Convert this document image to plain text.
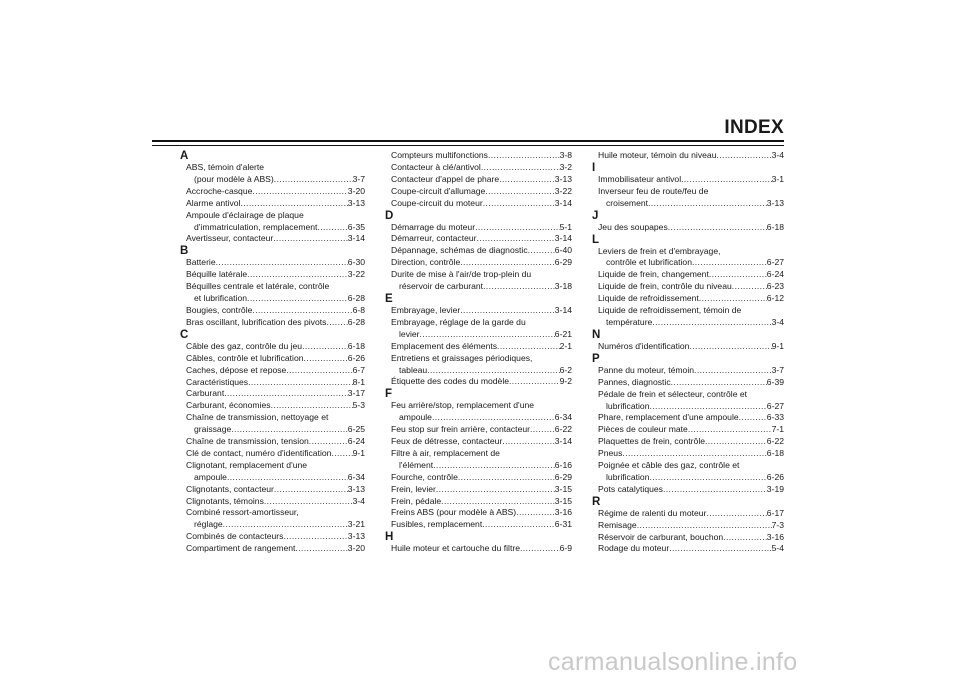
INDEX
A
ABS, témoin d'alerte
(pour modèle à ABS) .....	3-7
Accroche-casque .....	3-20
Alarme antivol .....	3-13
Ampoule d'éclairage de plaque
d'immatriculation, remplacement .....	6-35
Avertisseur, contacteur .....	3-14
B
Batterie .....	6-30
Béquille latérale .....	3-22
Béquilles centrale et latérale, contrôle
et lubrification .....	6-28
Bougies, contrôle .....	6-8
Bras oscillant, lubrification des pivots ..... 6-28
C
Câble des gaz, contrôle du jeu .....	6-18
Câbles, contrôle et lubrification .....	6-26
Caches, dépose et repose .....	6-7
Caractéristiques .....	8-1
Carburant .....	3-17
Carburant, économies .....	5-3
Chaîne de transmission, nettoyage et
graissage .....	6-25
Chaîne de transmission, tension .....	6-24
Clé de contact, numéro d'identification ..... 9-1
Clignotant, remplacement d'une
ampoule .....	6-34
Clignotants, contacteur .....	3-13
Clignotants, témoins .....	3-4
Combiné ressort-amortisseur,
réglage .....	3-21
Combinés de contacteurs .....	3-13
Compartiment de rangement .....	3-20
Compteurs multifonctions .....	3-8
Contacteur à clé/antivol .....	3-2
Contacteur d'appel de phare .....	3-13
Coupe-circuit d'allumage .....	3-22
Coupe-circuit du moteur .....	3-14
D
Démarrage du moteur .....	5-1
Démarreur, contacteur .....	3-14
Dépannage, schémas de diagnostic .....	6-40
Direction, contrôle .....	6-29
Durite de mise à l'air/de trop-plein du
réservoir de carburant .....	3-18
E
Embrayage, levier .....	3-14
Embrayage, réglage de la garde du
levier .....	6-21
Emplacement des éléments .....	2-1
Entretiens et graissages périodiques,
tableau .....	6-2
Étiquette des codes du modèle .....	9-2
F
Feu arrière/stop, remplacement d'une
ampoule .....	6-34
Feu stop sur frein arrière, contacteur .....	6-22
Feux de détresse, contacteur .....	3-14
Filtre à air, remplacement de
l'élément .....	6-16
Fourche, contrôle .....	6-29
Frein, levier .....	3-15
Frein, pédale .....	3-15
Freins ABS (pour modèle à ABS) .....	3-16
Fusibles, remplacement .....	6-31
H
Huile moteur et cartouche du filtre .....	6-9
Huile moteur, témoin du niveau .....	3-4
I
Immobilisateur antivol .....	3-1
Inverseur feu de route/feu de
croisement .....	3-13
J
Jeu des soupapes .....	6-18
L
Leviers de frein et d'embrayage,
contrôle et lubrification .....	6-27
Liquide de frein, changement .....	6-24
Liquide de frein, contrôle du niveau .....	6-23
Liquide de refroidissement .....	6-12
Liquide de refroidissement, témoin de
température .....	3-4
N
Numéros d'identification .....	9-1
P
Panne du moteur, témoin .....	3-7
Pannes, diagnostic .....	6-39
Pédale de frein et sélecteur, contrôle et
lubrification .....	6-27
Phare, remplacement d'une ampoule .....	6-33
Pièces de couleur mate .....	7-1
Plaquettes de frein, contrôle .....	6-22
Pneus .....	6-18
Poignée et câble des gaz, contrôle et
lubrification .....	6-26
Pots catalytiques .....	3-19
R
Régime de ralenti du moteur .....	6-17
Remisage .....	7-3
Réservoir de carburant, bouchon .....	3-16
Rodage du moteur .....	5-4
carmanualsonline.info
